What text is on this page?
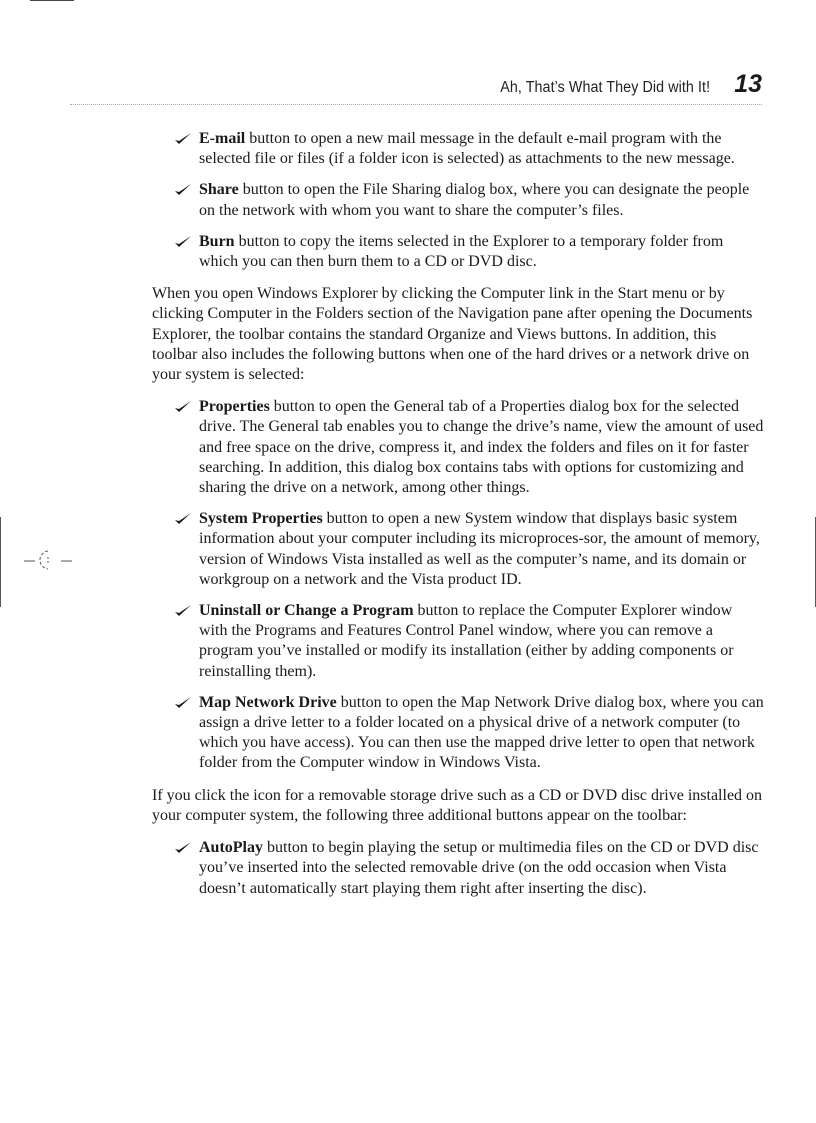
Ah, That’s What They Did with It! 13
E-mail button to open a new mail message in the default e-mail program with the selected file or files (if a folder icon is selected) as attachments to the new message.
Share button to open the File Sharing dialog box, where you can designate the people on the network with whom you want to share the computer’s files.
Burn button to copy the items selected in the Explorer to a temporary folder from which you can then burn them to a CD or DVD disc.

When you open Windows Explorer by clicking the Computer link in the Start menu or by clicking Computer in the Folders section of the Navigation pane after opening the Documents Explorer, the toolbar contains the standard Organize and Views buttons. In addition, this toolbar also includes the following buttons when one of the hard drives or a network drive on your system is selected:

Properties button to open the General tab of a Properties dialog box for the selected drive. The General tab enables you to change the drive’s name, view the amount of used and free space on the drive, compress it, and index the folders and files on it for faster searching. In addition, this dialog box contains tabs with options for customizing and sharing the drive on a network, among other things.
System Properties button to open a new System window that displays basic system information about your computer including its microproces-sor, the amount of memory, version of Windows Vista installed as well as the computer’s name, and its domain or workgroup on a network and the Vista product ID.
Uninstall or Change a Program button to replace the Computer Explorer window with the Programs and Features Control Panel window, where you can remove a program you’ve installed or modify its installation (either by adding components or reinstalling them).
Map Network Drive button to open the Map Network Drive dialog box, where you can assign a drive letter to a folder located on a physical drive of a network computer (to which you have access). You can then use the mapped drive letter to open that network folder from the Computer window in Windows Vista.

If you click the icon for a removable storage drive such as a CD or DVD disc drive installed on your computer system, the following three additional buttons appear on the toolbar:

AutoPlay button to begin playing the setup or multimedia files on the CD or DVD disc you’ve inserted into the selected removable drive (on the odd occasion when Vista doesn’t automatically start playing them right after inserting the disc).
